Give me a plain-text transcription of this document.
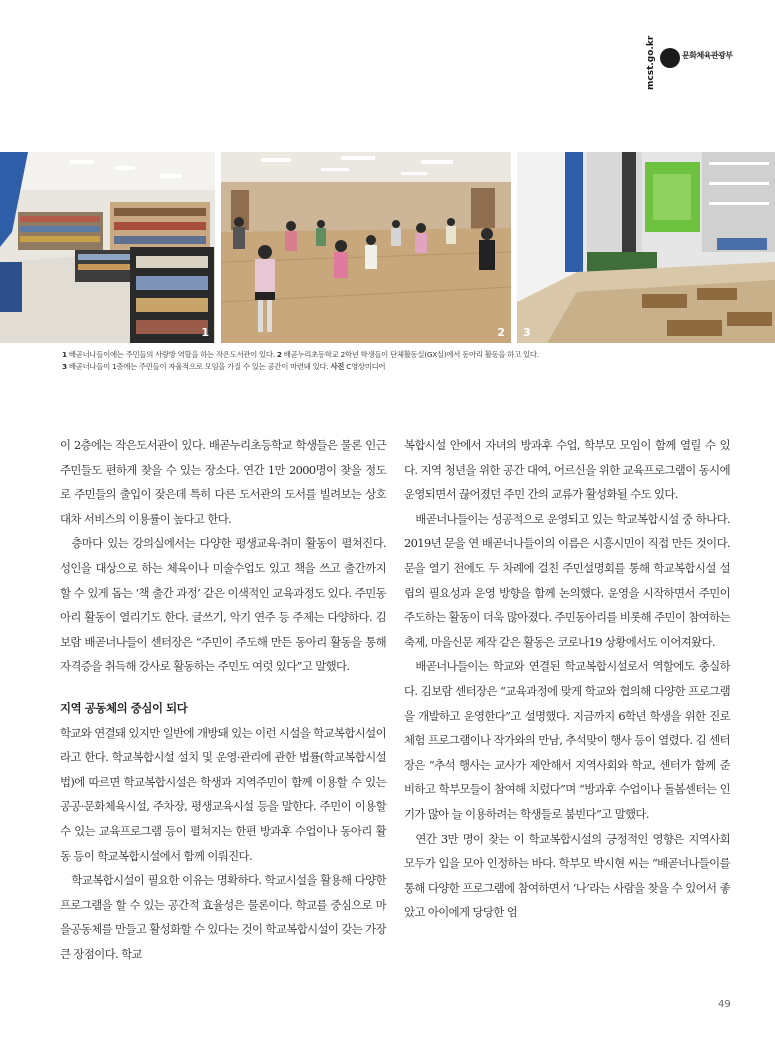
문화체육관광부
mcst.go.kr
1	2 3
1 배곧너나들이에는 주민들의 사랑방 역할을 하는 작은도서관이 있다. 2 배곧누리초등학교 2학년 학생들이 단체활동실(GX실)에서 동아리 활동을 하고 있다.
3 배곧너나들이 1층에는 주민들이 자율적으로 모임을 가질 수 있는 공간이 마련돼 있다. 사진 C영상미디어

이 2층에는 작은도서관이 있다. 배곧누리초등학교 학생들은 물론 인근 주민들도 편하게 찾을 수 있는 장소다. 연간 1만 2000명이 찾을 정도로 주민들의 출입이 잦은데 특히 다른 도서관의 도서를 빌려보는 상호대차 서비스의 이용률이 높다고 한다.

층마다 있는 강의실에서는 다양한 평생교육·취미 활동이 펼쳐진다. 성인을 대상으로 하는 체육이나 미술수업도 있고 책을 쓰고 출간까지 할 수 있게 돕는 ‘책 출간 과정’ 같은 이색적인 교육과정도 있다. 주민동아리 활동이 열리기도 한다. 글쓰기, 악기 연주 등 주제는 다양하다. 김보람 배곧너나들이 센터장은 “주민이 주도해 만든 동아리 활동을 통해 자격증을 취득해 강사로 활동하는 주민도 여럿 있다”고 말했다.

지역 공동체의 중심이 되다

학교와 연결돼 있지만 일반에 개방돼 있는 이런 시설을 학교복합시설이라고 한다. 학교복합시설 설치 및 운영·관리에 관한 법률(학교복합시설법)에 따르면 학교복합시설은 학생과 지역주민이 함께 이용할 수 있는 공공·문화체육시설, 주차장, 평생교육시설 등을 말한다. 주민이 이용할 수 있는 교육프로그램 등이 펼쳐지는 한편 방과후 수업이나 동아리 활동 등이 학교복합시설에서 함께 이뤄진다.

학교복합시설이 필요한 이유는 명확하다. 학교시설을 활용해 다양한 프로그램을 할 수 있는 공간적 효율성은 물론이다. 학교를 중심으로 마을공동체를 만들고 활성화할 수 있다는 것이 학교복합시설이 갖는 가장 큰 장점이다. 학교

복합시설 안에서 자녀의 방과후 수업, 학부모 모임이 함께 열릴 수 있다. 지역 청년을 위한 공간 대여, 어르신을 위한 교육프로그램이 동시에 운영되면서 끊어졌던 주민 간의 교류가 활성화될 수도 있다.

배곧너나들이는 성공적으로 운영되고 있는 학교복합시설 중 하나다. 2019년 문을 연 배곧너나들이의 이름은 시흥시민이 직접 만든 것이다. 문을 열기 전에도 두 차례에 걸친 주민설명회를 통해 학교복합시설 설립의 필요성과 운영 방향을 함께 논의했다. 운영을 시작하면서 주민이 주도하는 활동이 더욱 많아졌다. 주민동아리를 비롯해 주민이 참여하는 축제, 마을신문 제작 같은 활동은 코로나19 상황에서도 이어져왔다.

배곧너나들이는 학교와 연결된 학교복합시설로서 역할에도 충실하다. 김보람 센터장은 “교육과정에 맞게 학교와 협의해 다양한 프로그램을 개발하고 운영한다”고 설명했다. 지금까지 6학년 학생을 위한 진로체험 프로그램이나 작가와의 만남, 추석맞이 행사 등이 열렸다. 김 센터장은 “추석 행사는 교사가 제안해서 지역사회와 학교, 센터가 함께 준비하고 학부모들이 참여해 치렀다”며 “방과후 수업이나 돌봄센터는 인기가 많아 늘 이용하려는 학생들로 붐빈다”고 말했다.

연간 3만 명이 찾는 이 학교복합시설의 긍정적인 영향은 지역사회 모두가 입을 모아 인정하는 바다. 학부모 박시현 씨는 “배곧너나들이를 통해 다양한 프로그램에 참여하면서 ‘나’라는 사람을 찾을 수 있어서 좋았고 아이에게 당당한 엄

49
